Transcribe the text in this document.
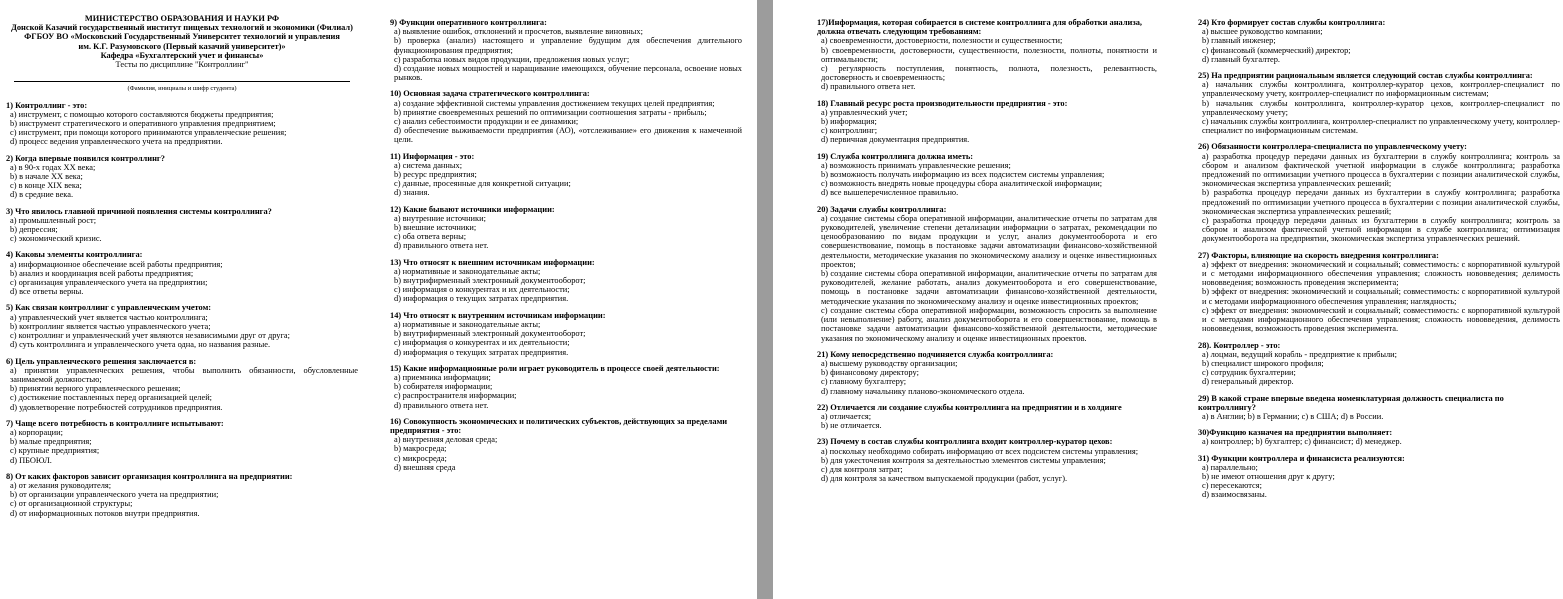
МИНИСТЕРСТВО ОБРАЗОВАНИЯ И НАУКИ РФ
Донской Казачий государственный институт пищевых технологий и экономики (Филиал)
ФГБОУ ВО «Московский Государственный Университет технологий и управления
им. К.Г. Разумовского (Первый казачий университет)»
Кафедра «Бухгалтерский учет и финансы»
Тесты по дисциплине "Контроллинг"

(Фамилия, инициалы и шифр студента)
1) Контроллинг - это:
a) инструмент, с помощью которого составляются бюджеты предприятия;
b) инструмент стратегического и оперативного управления предприятием;
c) инструмент, при помощи которого принимаются управленческие решения;
d) процесс ведения управленческого учета на предприятии.
2) Когда впервые появился контроллинг?
a) в 90-х годах XX века;
b) в начале XX века;
c) в конце XIX века;
d) в средние века.
3) Что явилось главной причиной появления системы контроллинга?
a) промышленный рост;
b) депрессия;
c) экономический кризис.
4) Каковы элементы контроллинга:
a) информационное обеспечение всей работы предприятия;
b) анализ и координация всей работы предприятия;
c) организация управленческого учета на предприятии;
d) все ответы верны.
5) Как связан контроллинг с управленческим учетом:
a) управленческий учет является частью контроллинга;
b) контроллинг является частью управленческого учета;
c) контроллинг и управленческий учет являются независимыми друг от друга;
d) суть контроллинга и управленческого учета одна, но названия разные.
6) Цель управленческого решения заключается в:
a) принятии управленческих решения, чтобы выполнить обязанности, обусловленные занимаемой должностью;
b) принятии верного управленческого решения;
c) достижение поставленных перед организацией целей;
d) удовлетворение потребностей сотрудников предприятия.
7) Чаще всего потребность в контроллинге испытывают:
a) корпорации;
b) малые предприятия;
c) крупные предприятия;
d) ПБОЮЛ.
8) От каких факторов зависит организация контроллинга на предприятии:
a) от желания руководителя;
b) от организации управленческого учета на предприятии;
c) от организационной структуры;
d) от информационных потоков внутри предприятия.
9) Функции оперативного контроллинга:
a) выявление ошибок, отклонений и просчетов, выявление виновных;
b) проверка (анализ) настоящего и управление будущим для обеспечения длительного функционирования предприятия;
c) разработка новых видов продукции, предложения новых услуг;
d) создание новых мощностей и наращивание имеющихся, обучение персонала, освоение новых рынков.
10) Основная задача стратегического контроллинга:
a) создание эффективной системы управления достижением текущих целей предприятия;
b) принятие своевременных решений по оптимизации соотношения затраты - прибыль;
c) анализ себестоимости продукции и ее динамики;
d) обеспечение выживаемости предприятия (АО), «отслеживание» его движения к намеченной цели.
11) Информация - это:
a) система данных;
b) ресурс предприятия;
c) данные, просеянные для конкретной ситуации;
d) знания.
12) Какие бывают источники информации:
a) внутренние источники;
b) внешние источники;
c) оба ответа верны;
d) правильного ответа нет.
13) Что относят к внешним источникам информации:
a) нормативные и законодательные акты;
b) внутрифирменный электронный документооборот;
c) информация о конкурентах и их деятельности;
d) информация о текущих затратах предприятия.
14) Что относят к внутренним источникам информации:
a) нормативные и законодательные акты;
b) внутрифирменный электронный документооборот;
c) информация о конкурентах и их деятельности;
d) информация о текущих затратах предприятия.
15) Какие информационные роли играет руководитель в процессе своей деятельности:
a) приемника информации;
b) собирателя информации;
c) распространителя информации;
d) правильного ответа нет.
16) Совокупность экономических и политических субъектов, действующих за пределами предприятия - это:
a) внутренняя деловая среда;
b) макросреда;
c) микросреда;
d) внешняя среда
17)Информация, которая собирается в системе контроллинга для обработки анализа, должна отвечать следующим требованиям:
a) своевременности, достоверности, полезности и существенности;
b) своевременности, достоверности, существенности, полезности, полноты, понятности и оптимальности;
c) регулярность поступления, понятность, полнота, полезность, релевантность, достоверность и своевременность;
d) правильного ответа нет.
18) Главный ресурс роста производительности предприятия - это:
a) управленческий учет;
b) информация;
c) контроллинг;
d) первичная документация предприятия.
19) Служба контроллинга должна иметь:
a) возможность принимать управленческие решения;
b) возможность получать информацию из всех подсистем системы управления;
c) возможность внедрять новые процедуры сбора аналитической информации;
d) все вышеперечисленное правильно.
20) Задачи службы контроллинга:
a) создание системы сбора оперативной информации, аналитические отчеты по затратам для руководителей, увеличение степени детализации информации о затратах, рекомендации по ценообразованию по видам продукции и услуг, анализ документооборота и его совершенствование, помощь в постановке задачи автоматизации финансово-хозяйственной деятельности, методические указания по экономическому анализу и оценке инвестиционных проектов;
b) создание системы сбора оперативной информации, аналитические отчеты по затратам для руководителей, желание работать, анализ документооборота и его совершенствование, помощь в постановке задачи автоматизации финансово-хозяйственной деятельности, методические указания по экономическому анализу и оценке инвестиционных проектов;
c) создание системы сбора оперативной информации, возможность спросить за выполнение (или невыполнение) работу, анализ документооборота и его совершенствование, помощь в постановке задачи автоматизации финансово-хозяйственной деятельности, методические указания по экономическому анализу и оценке инвестиционных проектов.
21) Кому непосредственно подчиняется служба контроллинга:
a) высшему руководству организации;
b) финансовому директору;
c) главному бухгалтеру;
d) главному начальнику планово-экономического отдела.
22) Отличается ли создание службы контроллинга на предприятии и в холдинге
a) отличается;
b) не отличается.
23) Почему в состав службы контроллинга входит контроллер-куратор цехов:
a) поскольку необходимо собирать информацию от всех подсистем системы управления;
b) для ужесточения контроля за деятельностью элементов системы управления;
c) для контроля затрат;
d) для контроля за качеством выпускаемой продукции (работ, услуг).
24) Кто формирует состав службы контроллинга:
a) высшее руководство компании;
b) главный инженер;
c) финансовый (коммерческий) директор;
d) главный бухгалтер.
25) На предприятии рациональным является следующий состав службы контроллинга:
a) начальник службы контроллинга, контроллер-куратор цехов, контроллер-специалист по управленческому учету, контроллер-специалист по информационным системам;
b) начальник службы контроллинга, контроллер-куратор цехов, контроллер-специалист по управленческому учету;
c) начальник службы контроллинга, контроллер-специалист по управленческому учету, контроллер-специалист по информационным системам.
26) Обязанности контроллера-специалиста по управленческому учету:
a) разработка процедур передачи данных из бухгалтерии в службу контроллинга; контроль за сбором и анализом фактической учетной информации в службе контроллинга; разработка предложений по оптимизации учетного процесса в бухгалтерии с позиции аналитической службы, экономическая экспертиза управленческих решений;
b) разработка процедур передачи данных из бухгалтерии в службу контроллинга; разработка предложений по оптимизации учетного процесса в бухгалтерии с позиции аналитической службы, экономическая экспертиза управленческих решений;
c) разработка процедур передачи данных из бухгалтерии в службу контроллинга; контроль за сбором и анализом фактической учетной информации в службе контроллинга; оптимизация документооборота на предприятии, экономическая экспертиза управленческих решений.
27) Факторы, влияющие на скорость внедрения контроллинга:
a) эффект от внедрения: экономический и социальный; совместимость: с корпоративной культурой и с методами информационного обеспечения управления; сложность нововведения; делимость нововведения; возможность проведения эксперимента;
b) эффект от внедрения: экономический и социальный; совместимость: с корпоративной культурой и с методами информационного обеспечения управления; наглядность;
c) эффект от внедрения: экономический и социальный; совместимость: с корпоративной культурой и с методами информационного обеспечения управления; сложность нововведения, делимость нововведения, возможность проведения эксперимента.
28). Контроллер - это:
a) лоцман, ведущий корабль - предприятие к прибыли;
b) специалист широкого профиля;
c) сотрудник бухгалтерии;
d) генеральный директор.
29) В какой стране впервые введена номенклатурная должность специалиста по контроллингу?
a) в Англии; b) в Германии; c) в США; d) в России.
30)Функцию казначея на предприятии выполняет:
a) контроллер; b) бухгалтер; c) финансист; d) менеджер.
31) Функции контроллера и финансиста реализуются:
a) параллельно;
b) не имеют отношения друг к другу;
c) пересекаются;
d) взаимосвязаны.
